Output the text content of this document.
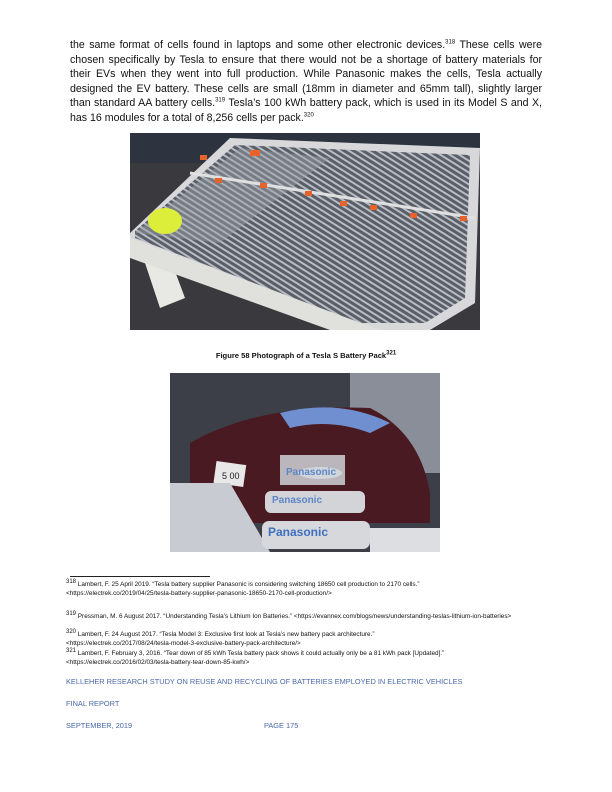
the same format of cells found in laptops and some other electronic devices.$^{318}$ These cells were chosen specifically by Tesla to ensure that there would not be a shortage of battery materials for their EVs when they went into full production. While Panasonic makes the cells, Tesla actually designed the EV battery. These cells are small (18mm in diameter and 65mm tall), slightly larger than standard AA battery cells.$^{319}$ Tesla’s 100 kWh battery pack, which is used in its Model S and X, has 16 modules for a total of 8,256 cells per pack.$^{320}$
Figure 58 Photograph of a Tesla S Battery Pack$^{321}$
5 00	Panasonic
Panasonic
Panasonic
$^{318}$ Lambert, F. 25 April 2019. “Tesla battery supplier Panasonic is considering switching 18650 cell production to 2170 cells.”
<https://electrek.co/2019/04/25/tesla-battery-supplier-panasonic-18650-2170-cell-production/>
$^{319}$ Pressman, M. 6 August 2017. “Understanding Tesla’s Lithium Ion Batteries.” <https://evannex.com/blogs/news/understanding-teslas-lithium-ion-batteries>
$^{320}$ Lambert, F. 24 August 2017. “Tesla Model 3: Exclusive first look at Tesla’s new battery pack architecture.”
<https://electrek.co/2017/08/24/tesla-model-3-exclusive-battery-pack-architecture/>
$^{321}$ Lambert, F. February 3, 2016. “Tear down of 85 kWh Tesla battery pack shows it could actually only be a 81 kWh pack [Updated].”
<https://electrek.co/2016/02/03/tesla-battery-tear-down-85-kwh/>
KELLEHER RESEARCH STUDY ON REUSE AND RECYCLING OF BATTERIES EMPLOYED IN ELECTRIC VEHICLES
FINAL REPORT
SEPTEMBER, 2019	PAGE 175
